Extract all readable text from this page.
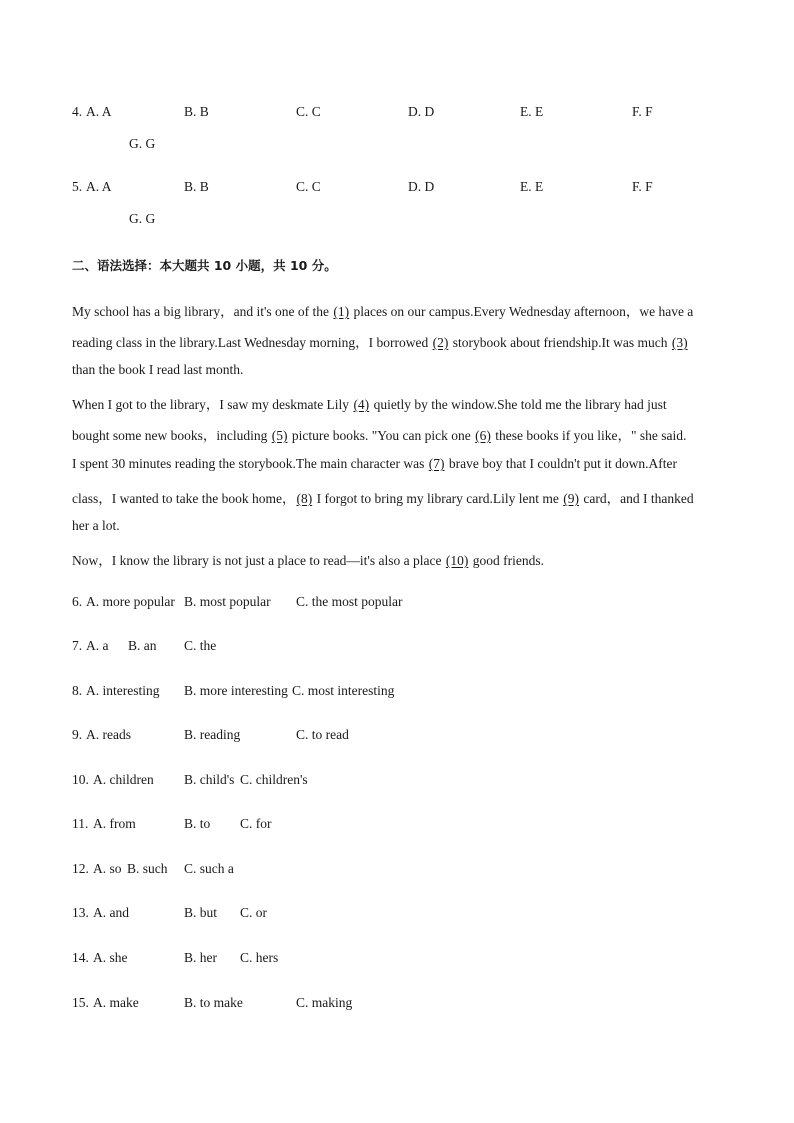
4. A. A	B. B	C. C	D. D	E. E	F. F
G. G
5. A. A	B. B	C. C	D. D	E. E	F. F
G. G
二、语法选择：本大题共 10 小题，共 10 分。
My school has a big library，and it's one of the (1) places on our campus.Every Wednesday afternoon，we have a
reading class in the library.Last Wednesday morning，I borrowed (2) storybook about friendship.It was much (3)
than the book I read last month.
When I got to the library，I saw my deskmate Lily (4) quietly by the window.She told me the library had just
bought some new books，including (5) picture books. "You can pick one (6) these books if you like，" she said.
I spent 30 minutes reading the storybook.The main character was (7) brave boy that I couldn't put it down.After
class，I wanted to take the book home，(8) I forgot to bring my library card.Lily lent me (9) card，and I thanked
her a lot.
Now，I know the library is not just a place to read—it's also a place (10) good friends.
6. A. more popular B. most popular C. the most popular
7. A. a B. an C. the
8. A. interesting B. more interesting C. most interesting
9. A. reads	B. reading	C. to read
10. A. children B. child's C. children's
11. A. from	B. to C. for
12. A. so B. such C. such a
13. A. and	B. but C. or
14. A. she	B. her C. hers
15. A. make	B. to make	C. making
